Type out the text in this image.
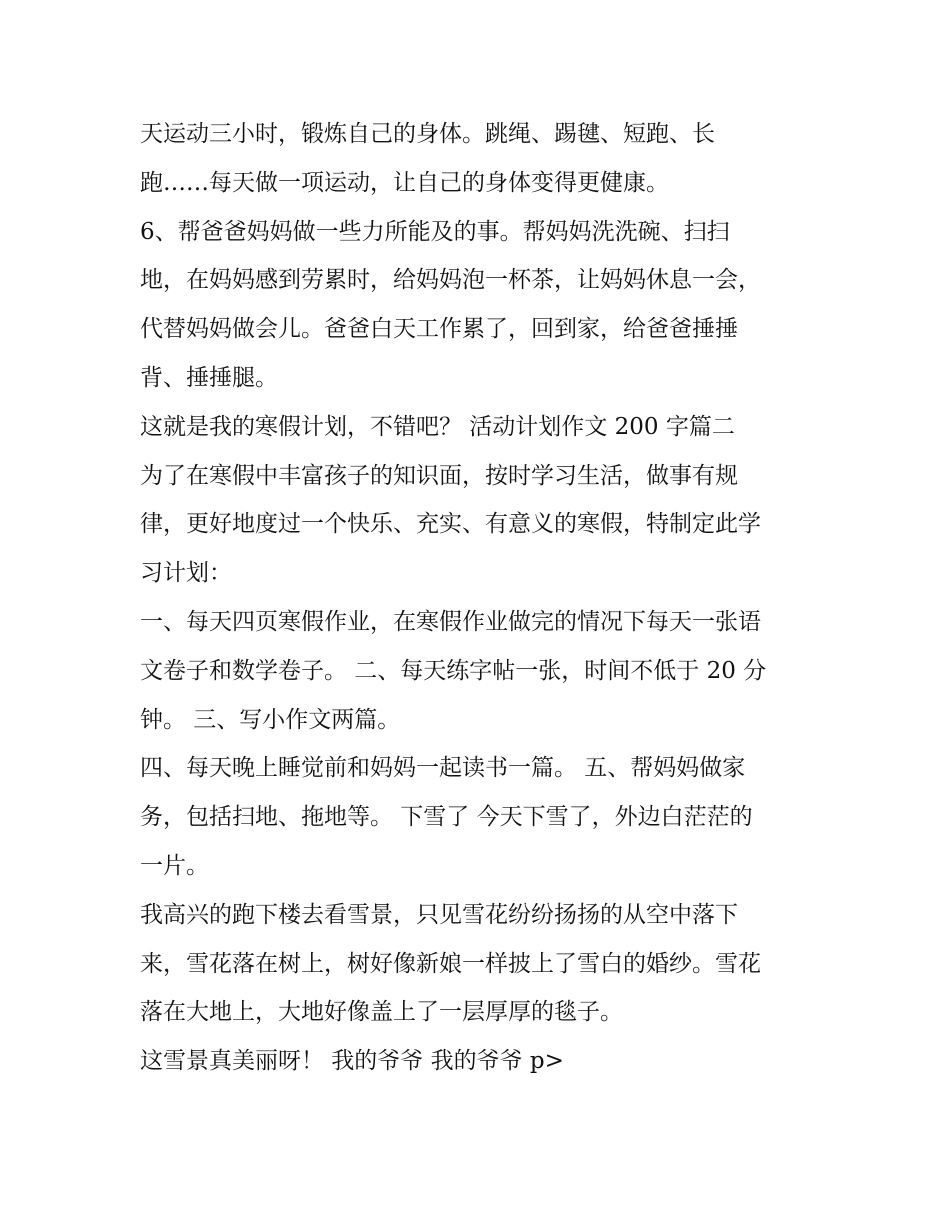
天运动三小时，锻炼自己的身体。跳绳、踢毽、短跑、长
跑……每天做一项运动，让自己的身体变得更健康。
6、帮爸爸妈妈做一些力所能及的事。帮妈妈洗洗碗、扫扫
地，在妈妈感到劳累时，给妈妈泡一杯茶，让妈妈休息一会，
代替妈妈做会儿。爸爸白天工作累了，回到家，给爸爸捶捶
背、捶捶腿。
这就是我的寒假计划，不错吧？ 活动计划作文 200 字篇二
为了在寒假中丰富孩子的知识面，按时学习生活，做事有规
律，更好地度过一个快乐、充实、有意义的寒假，特制定此学
习计划：
一、每天四页寒假作业，在寒假作业做完的情况下每天一张语
文卷子和数学卷子。 二、每天练字帖一张，时间不低于 20 分
钟。 三、写小作文两篇。
四、每天晚上睡觉前和妈妈一起读书一篇。 五、帮妈妈做家
务，包括扫地、拖地等。 下雪了 今天下雪了，外边白茫茫的
一片。
我高兴的跑下楼去看雪景，只见雪花纷纷扬扬的从空中落下
来，雪花落在树上，树好像新娘一样披上了雪白的婚纱。雪花
落在大地上，大地好像盖上了一层厚厚的毯子。
这雪景真美丽呀！ 我的爷爷 我的爷爷 p>
